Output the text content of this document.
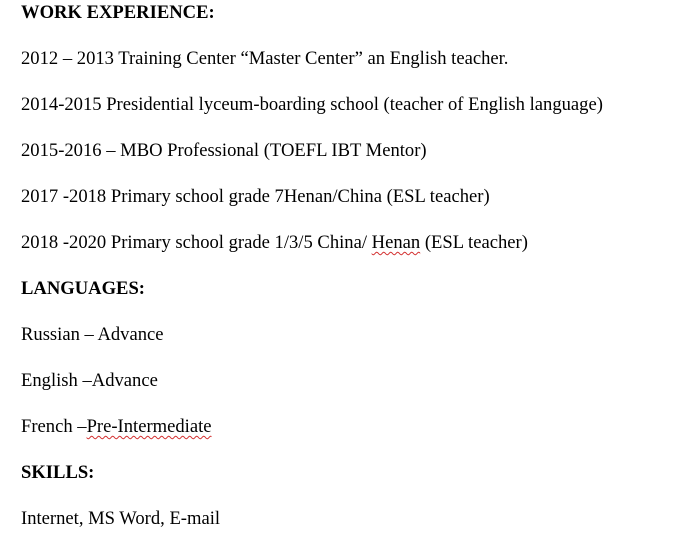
WORK EXPERIENCE:
2012 – 2013 Training Center “Master Center” an English teacher.
2014-2015 Presidential lyceum-boarding school (teacher of English language)
2015-2016 – MBO Professional (TOEFL IBT Mentor)
2017 -2018 Primary school grade 7Henan/China (ESL teacher)
2018 -2020 Primary school grade 1/3/5 China/ Henan (ESL teacher)
LANGUAGES:
Russian – Advance
English –Advance
French –Pre-Intermediate
SKILLS:
Internet, MS Word, E-mail
